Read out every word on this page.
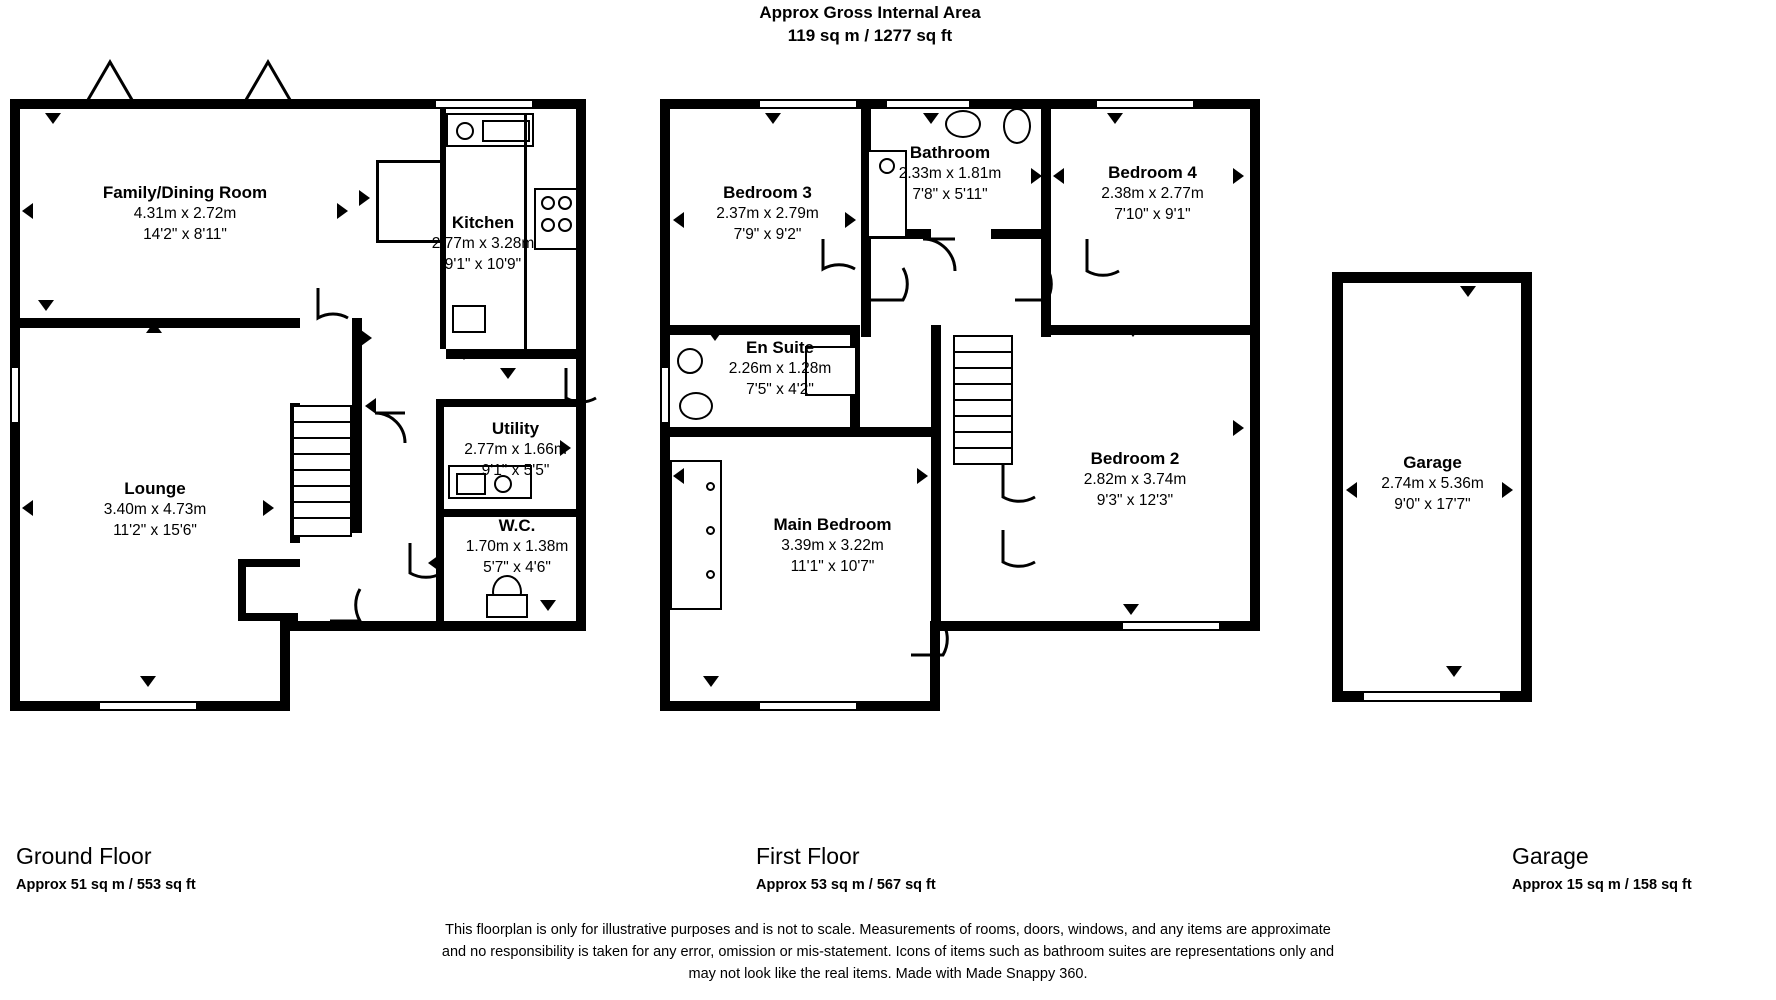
Approx Gross Internal Area
119 sq m / 1277 sq ft
Family/Dining Room
4.31m x 2.72m
14'2" x 8'11"
Kitchen
2.77m x 3.28m
9'1" x 10'9"
Lounge
3.40m x 4.73m
11'2" x 15'6"
Utility
2.77m x 1.66m
9'1" x 5'5"
W.C.
1.70m x 1.38m
5'7" x 4'6"
Bedroom 3
2.37m x 2.79m
7'9" x 9'2"
Bathroom
2.33m x 1.81m
7'8" x 5'11"
Bedroom 4
2.38m x 2.77m
7'10" x 9'1"
En Suite
2.26m x 1.28m
7'5" x 4'2"
Bedroom 2
2.82m x 3.74m
9'3" x 12'3"
Main Bedroom
3.39m x 3.22m
11'1" x 10'7"
Garage
2.74m x 5.36m
9'0" x 17'7"
Ground Floor
Approx 51 sq m / 553 sq ft
First Floor
Approx 53 sq m / 567 sq ft
Garage
Approx 15 sq m / 158 sq ft
This floorplan is only for illustrative purposes and is not to scale. Measurements of rooms, doors, windows, and any items are approximate
and no responsibility is taken for any error, omission or mis-statement. Icons of items such as bathroom suites are representations only and
may not look like the real items. Made with Made Snappy 360.
